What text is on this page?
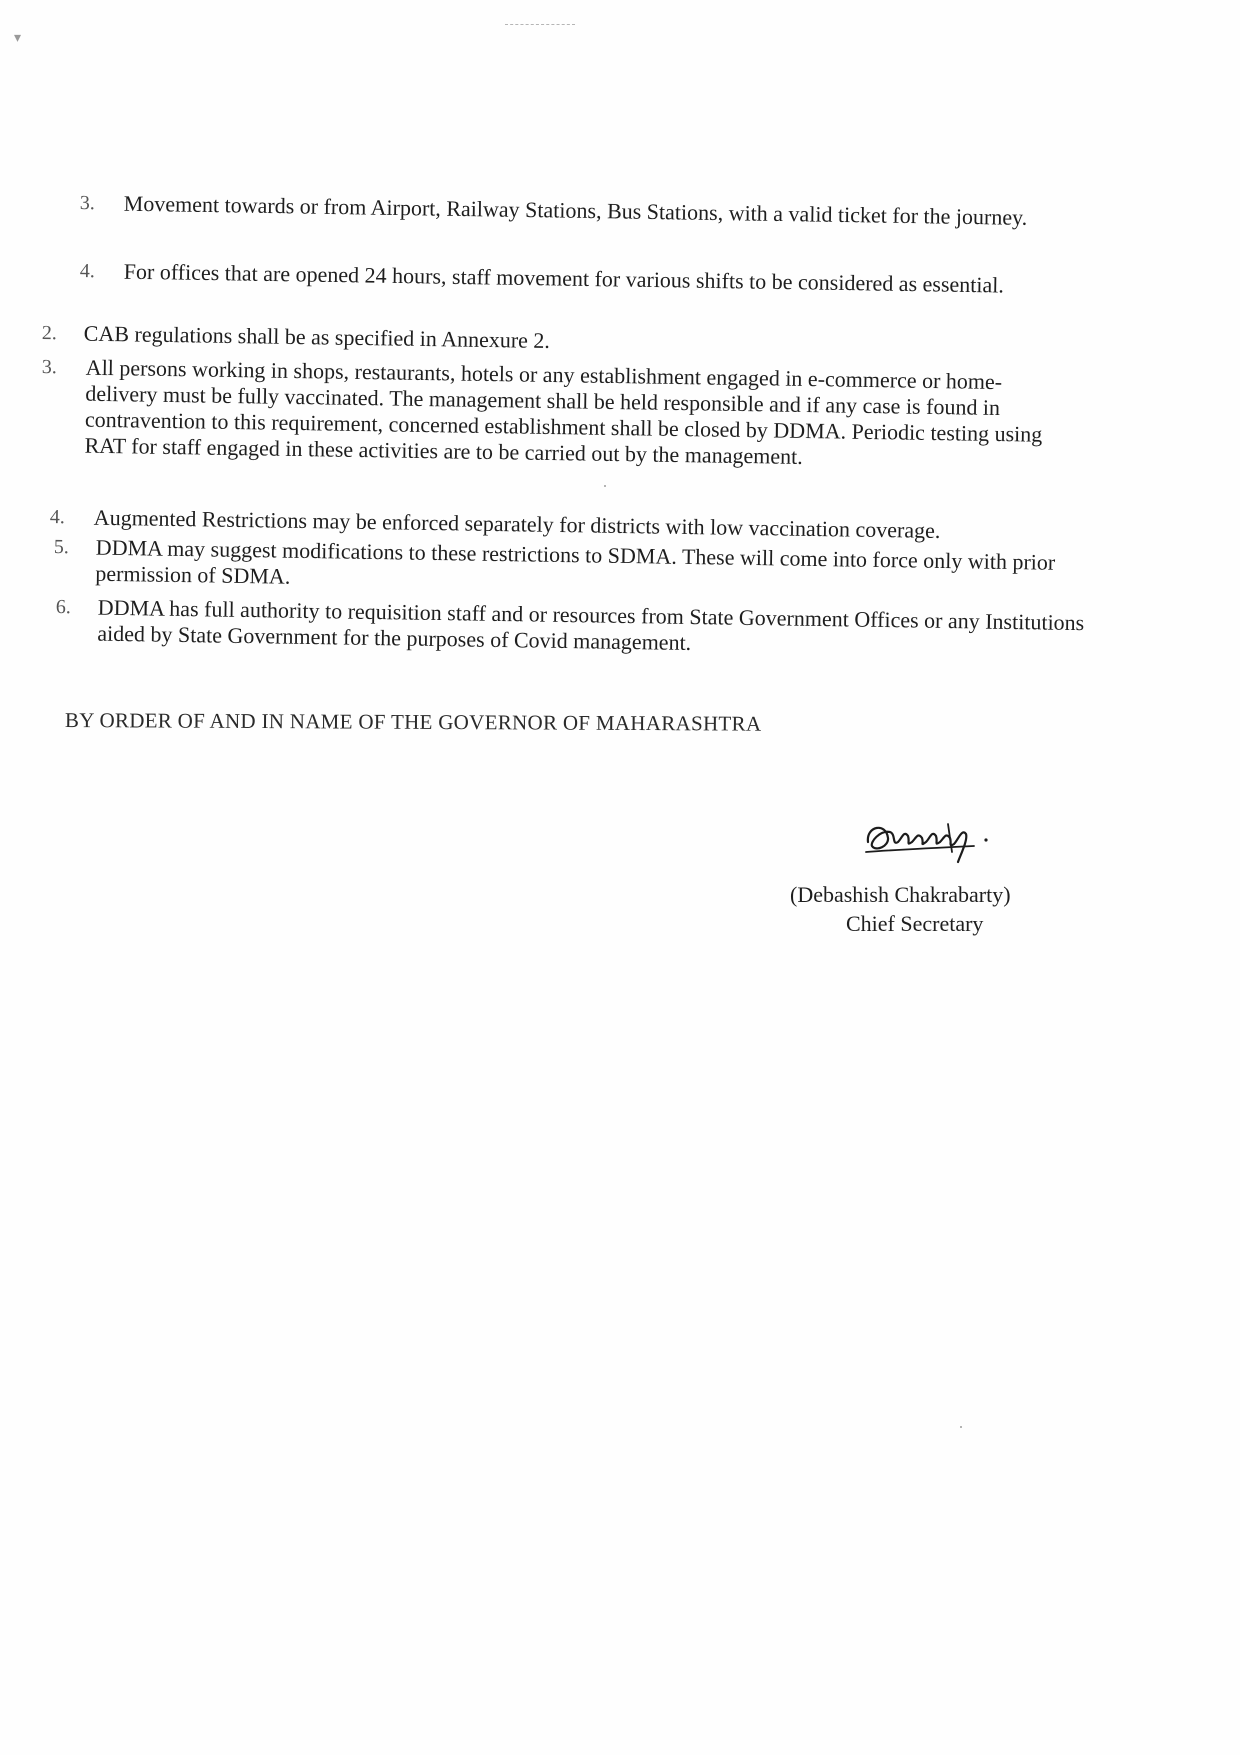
▾
3. Movement towards or from Airport, Railway Stations, Bus Stations, with a valid ticket for the journey.
4. For offices that are opened 24 hours, staff movement for various shifts to be considered as essential.
2. CAB regulations shall be as specified in Annexure 2.
3. All persons working in shops, restaurants, hotels or any establishment engaged in e-commerce or home-delivery must be fully vaccinated. The management shall be held responsible and if any case is found in contravention to this requirement, concerned establishment shall be closed by DDMA. Periodic testing using RAT for staff engaged in these activities are to be carried out by the management.
4. Augmented Restrictions may be enforced separately for districts with low vaccination coverage.
5. DDMA may suggest modifications to these restrictions to SDMA. These will come into force only with prior permission of SDMA.
6. DDMA has full authority to requisition staff and or resources from State Government Offices or any Institutions aided by State Government for the purposes of Covid management.
BY ORDER OF AND IN NAME OF THE GOVERNOR OF MAHARASHTRA
(Debashish Chakrabarty)
Chief Secretary
